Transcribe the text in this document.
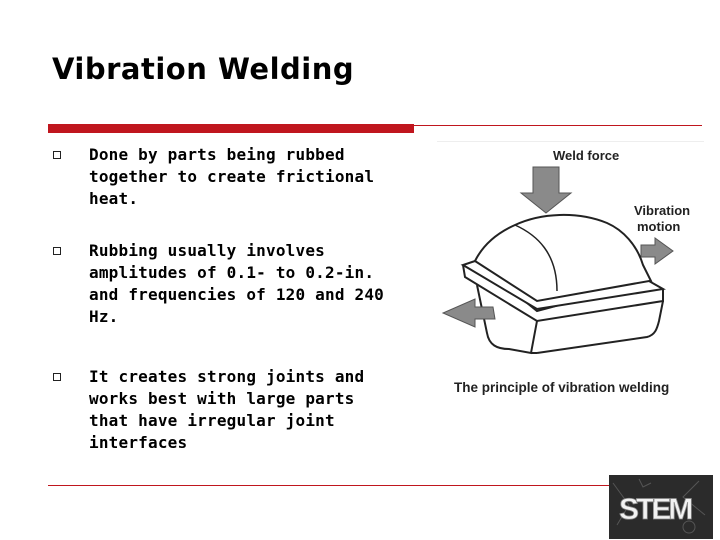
Vibration Welding
Done by parts being rubbed together to create frictional heat.
Rubbing usually involves amplitudes of 0.1- to 0.2-in. and frequencies of 120 and 240 Hz.
It creates strong joints and works best with large parts that have irregular joint interfaces
Weld force
Vibration
motion
The principle of vibration welding
STEM
